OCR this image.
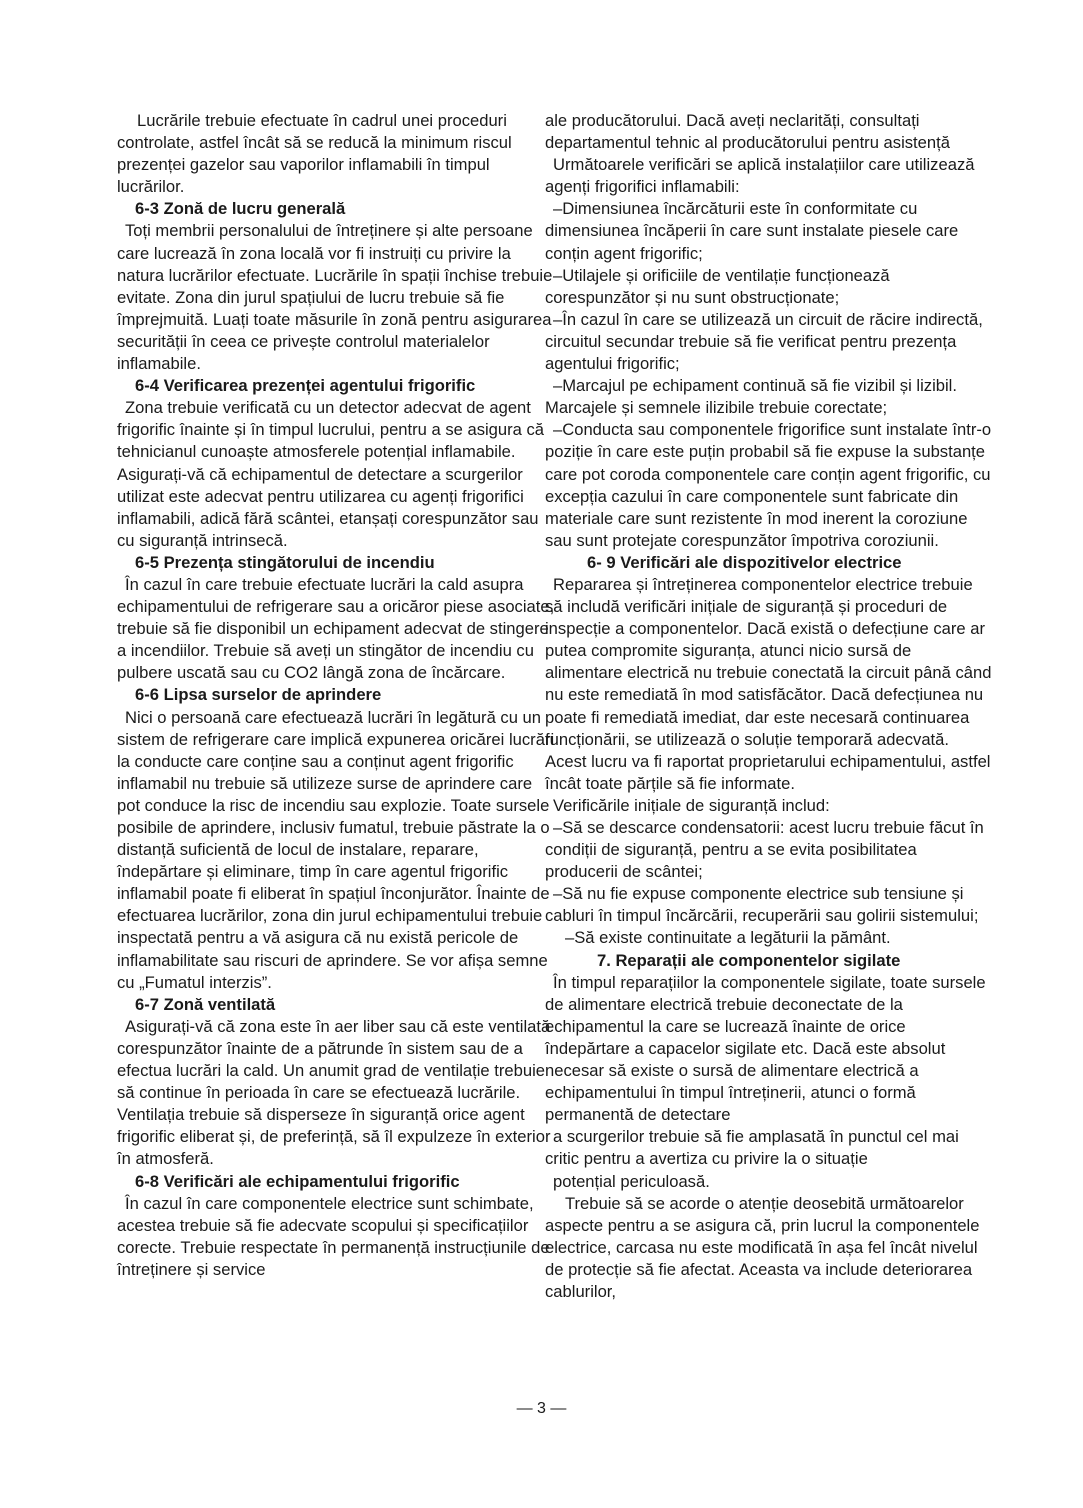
Lucrările trebuie efectuate în cadrul unei proceduri controlate, astfel încât să se reducă la minimum riscul prezenței gazelor sau vaporilor inflamabili în timpul lucrărilor.

6-3 Zonă de lucru generală

Toți membrii personalului de întreținere și alte persoane care lucrează în zona locală vor fi instruiți cu privire la natura lucrărilor efectuate. Lucrările în spații închise trebuie evitate. Zona din jurul spațiului de lucru trebuie să fie împrejmuită. Luați toate măsurile în zonă pentru asigurarea securității în ceea ce privește controlul materialelor inflamabile.

6-4 Verificarea prezenței agentului frigorific

Zona trebuie verificată cu un detector adecvat de agent frigorific înainte și în timpul lucrului, pentru a se asigura că tehnicianul cunoaște atmosferele potențial inflamabile. Asigurați-vă că echipamentul de detectare a scurgerilor utilizat este adecvat pentru utilizarea cu agenți frigorifici inflamabili, adică fără scântei, etanșați corespunzător sau cu siguranță intrinsecă.

6-5 Prezența stingătorului de incendiu

În cazul în care trebuie efectuate lucrări la cald asupra echipamentului de refrigerare sau a oricăror piese asociate, trebuie să fie disponibil un echipament adecvat de stingere a incendiilor. Trebuie să aveți un stingător de incendiu cu pulbere uscată sau cu CO2 lângă zona de încărcare.

6-6 Lipsa surselor de aprindere

Nici o persoană care efectuează lucrări în legătură cu un sistem de refrigerare care implică expunerea oricărei lucrări la conducte care conține sau a conținut agent frigorific inflamabil nu trebuie să utilizeze surse de aprindere care pot conduce la risc de incendiu sau explozie. Toate sursele posibile de aprindere, inclusiv fumatul, trebuie păstrate la o distanță suficientă de locul de instalare, reparare, îndepărtare și eliminare, timp în care agentul frigorific inflamabil poate fi eliberat în spațiul înconjurător. Înainte de efectuarea lucrărilor, zona din jurul echipamentului trebuie inspectată pentru a vă asigura că nu există pericole de inflamabilitate sau riscuri de aprindere. Se vor afișa semne cu „Fumatul interzis”.

6-7 Zonă ventilată

Asigurați-vă că zona este în aer liber sau că este ventilată corespunzător înainte de a pătrunde în sistem sau de a efectua lucrări la cald. Un anumit grad de ventilație trebuie să continue în perioada în care se efectuează lucrările. Ventilația trebuie să disperseze în siguranță orice agent frigorific eliberat și, de preferință, să îl expulzeze în exterior în atmosferă.

6-8 Verificări ale echipamentului frigorific

În cazul în care componentele electrice sunt schimbate, acestea trebuie să fie adecvate scopului și specificațiilor corecte. Trebuie respectate în permanență instrucțiunile de întreținere și service

ale producătorului. Dacă aveți neclarități, consultați departamentul tehnic al producătorului pentru asistență

Următoarele verificări se aplică instalațiilor care utilizează agenți frigorifici inflamabili:

–Dimensiunea încărcăturii este în conformitate cu dimensiunea încăperii în care sunt instalate piesele care conțin agent frigorific;

–Utilajele și orificiile de ventilație funcționează corespunzător și nu sunt obstrucționate;

–În cazul în care se utilizează un circuit de răcire indirectă, circuitul secundar trebuie să fie verificat pentru prezența agentului frigorific;

–Marcajul pe echipament continuă să fie vizibil și lizibil. Marcajele și semnele ilizibile trebuie corectate;

–Conducta sau componentele frigorifice sunt instalate într-o poziție în care este puțin probabil să fie expuse la substanțe care pot coroda componentele care conțin agent frigorific, cu excepția cazului în care componentele sunt fabricate din materiale care sunt rezistente în mod inerent la coroziune sau sunt protejate corespunzător împotriva coroziunii.

6- 9 Verificări ale dispozitivelor electrice

Repararea și întreținerea componentelor electrice trebuie să includă verificări inițiale de siguranță și proceduri de inspecție a componentelor. Dacă există o defecțiune care ar putea compromite siguranța, atunci nicio sursă de alimentare electrică nu trebuie conectată la circuit până când nu este remediată în mod satisfăcător. Dacă defecțiunea nu poate fi remediată imediat, dar este necesară continuarea funcționării, se utilizează o soluție temporară adecvată. Acest lucru va fi raportat proprietarului echipamentului, astfel încât toate părțile să fie informate.

Verificările inițiale de siguranță includ:

–Să se descarce condensatorii: acest lucru trebuie făcut în condiții de siguranță, pentru a se evita posibilitatea producerii de scântei;

–Să nu fie expuse componente electrice sub tensiune și cabluri în timpul încărcării, recuperării sau golirii sistemului;

–Să existe continuitate a legăturii la pământ.

7. Reparații ale componentelor sigilate

În timpul reparațiilor la componentele sigilate, toate sursele de alimentare electrică trebuie deconectate de la echipamentul la care se lucrează înainte de orice îndepărtare a capacelor sigilate etc. Dacă este absolut necesar să existe o sursă de alimentare electrică a echipamentului în timpul întreținerii, atunci o formă permanentă de detectare

a scurgerilor trebuie să fie amplasată în punctul cel mai critic pentru a avertiza cu privire la o situație

potențial periculoasă.

Trebuie să se acorde o atenție deosebită următoarelor aspecte pentru a se asigura că, prin lucrul la componentele electrice, carcasa nu este modificată în așa fel încât nivelul de protecție să fie afectat. Aceasta va include deteriorarea cablurilor,

— 3 —
